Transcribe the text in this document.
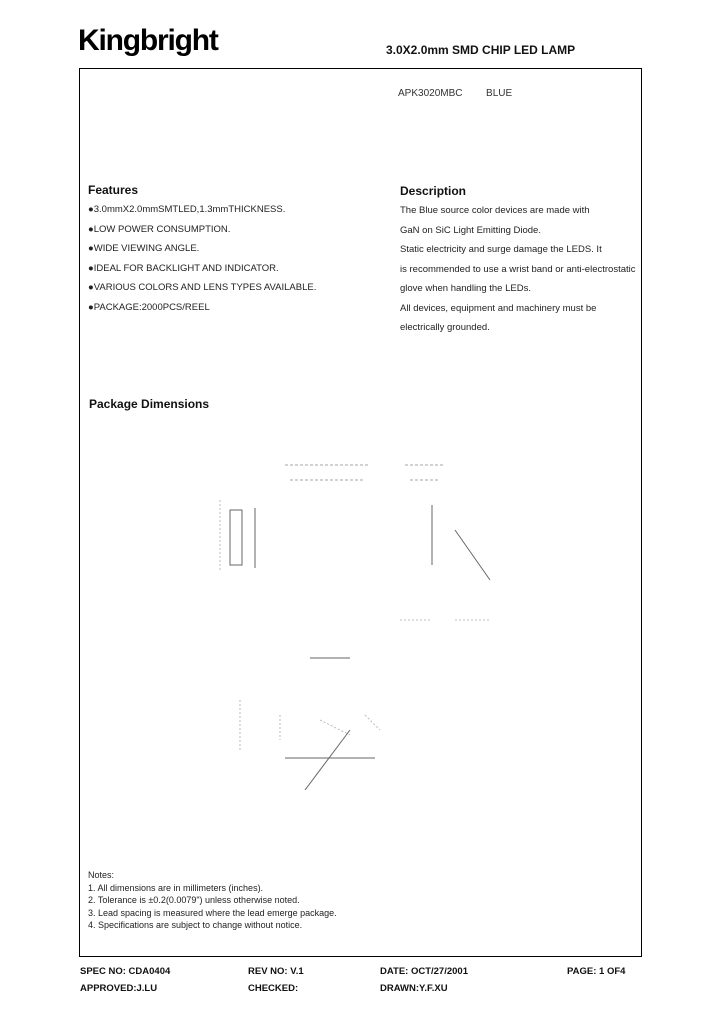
Kingbright	3.0X2.0mm SMD CHIP LED LAMP
APK3020MBC BLUE
Features
●3.0mmX2.0mmSMTLED,1.3mmTHICKNESS.
●LOW POWER CONSUMPTION.
●WIDE VIEWING ANGLE.
●IDEAL FOR BACKLIGHT AND INDICATOR.
●VARIOUS COLORS AND LENS TYPES AVAILABLE.
●PACKAGE:2000PCS/REEL
Description
The Blue source color devices are made with
GaN on SiC Light Emitting Diode.
Static electricity and surge damage the LEDS. It
is recommended to use a wrist band or anti-electrostatic
glove when handling the LEDs.
All devices, equipment and machinery must be
electrically grounded.
Package Dimensions
Notes:
1. All dimensions are in millimeters (inches).
2. Tolerance is ±0.2(0.0079") unless otherwise noted.
3. Lead spacing is measured where the lead emerge package.
4. Specifications are subject to change without notice.
SPEC NO: CDA0404	REV NO: V.1	DATE: OCT/27/2001	PAGE: 1 OF4
APPROVED:J.LU	CHECKED:	DRAWN:Y.F.XU
